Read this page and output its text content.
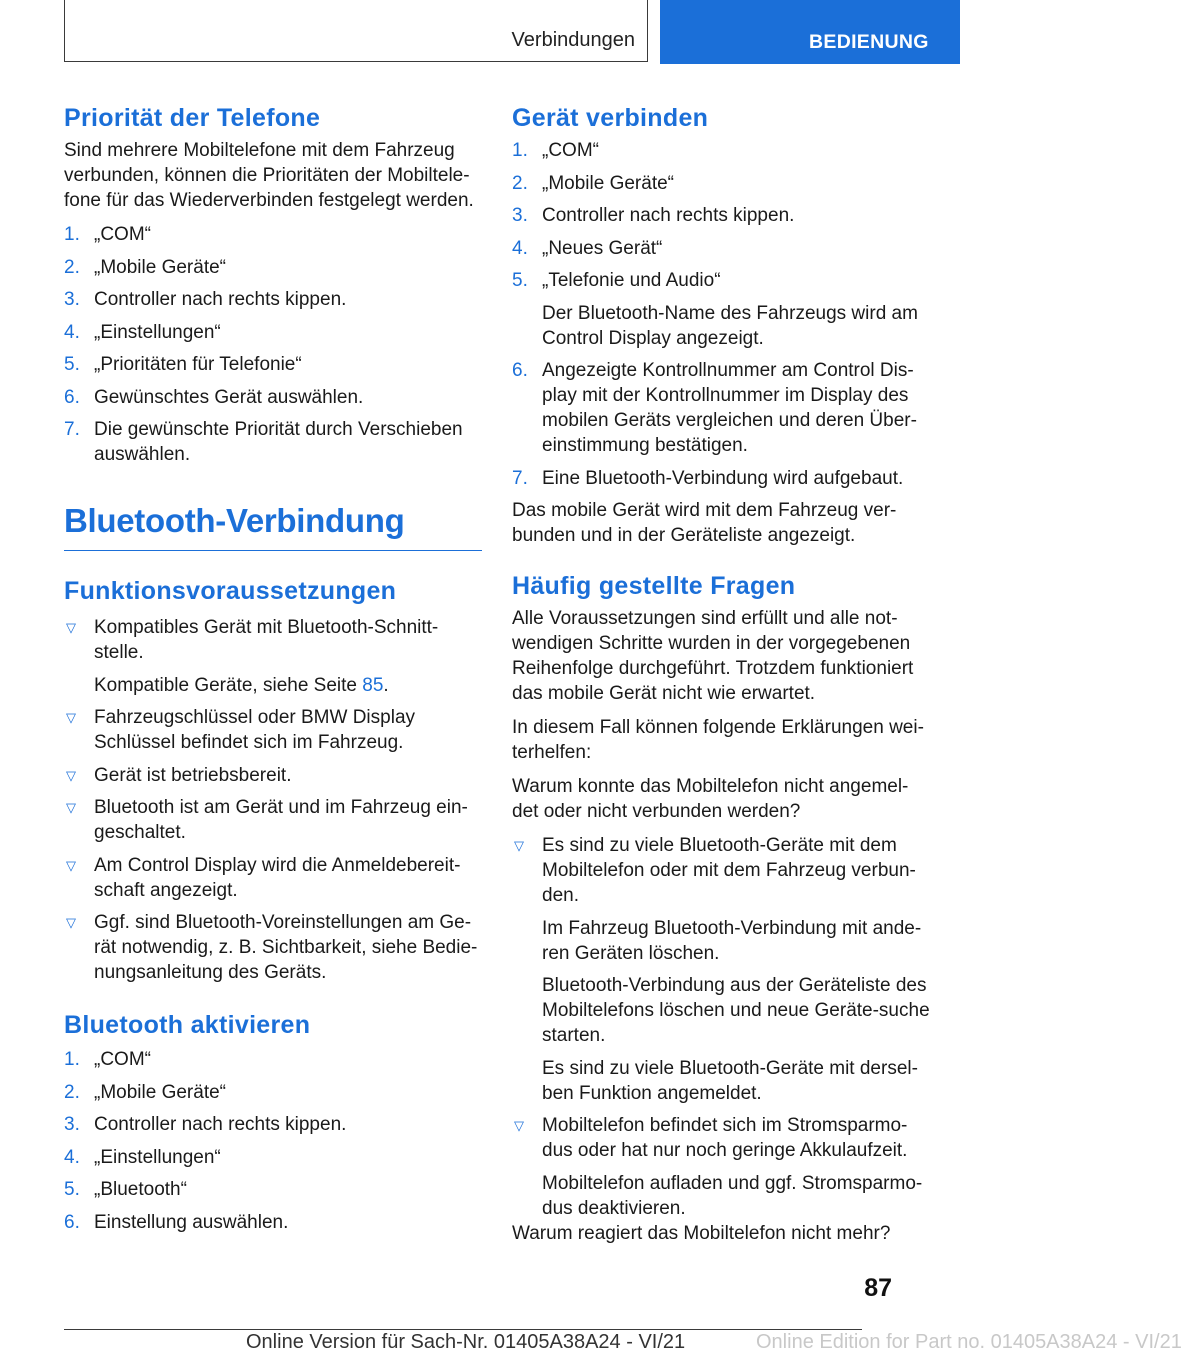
Verbindungen	BEDIENUNG
Priorität der Telefone

Sind mehrere Mobiltelefone mit dem Fahrzeug verbunden, können die Prioritäten der Mobiltele-fone für das Wiederverbinden festgelegt werden.

1. „COM“
2. „Mobile Geräte“
3. Controller nach rechts kippen.
4. „Einstellungen“
5. „Prioritäten für Telefonie“
6. Gewünschtes Gerät auswählen.
7. Die gewünschte Priorität durch Verschieben auswählen.
Bluetooth-Verbindung
Funktionsvoraussetzungen
▽ Kompatibles Gerät mit Bluetooth-Schnitt-stelle.
Kompatible Geräte, siehe Seite 85.
▽ Fahrzeugschlüssel oder BMW Display Schlüssel befindet sich im Fahrzeug.
▽ Gerät ist betriebsbereit.
▽ Bluetooth ist am Gerät und im Fahrzeug ein-geschaltet.
▽ Am Control Display wird die Anmeldebereit-schaft angezeigt.
▽ Ggf. sind Bluetooth-Voreinstellungen am Ge-rät notwendig, z. B. Sichtbarkeit, siehe Bedie-nungsanleitung des Geräts.
Bluetooth aktivieren
1. „COM“
2. „Mobile Geräte“
3. Controller nach rechts kippen.
4. „Einstellungen“
5. „Bluetooth“
6. Einstellung auswählen.
Gerät verbinden
1. „COM“
2. „Mobile Geräte“
3. Controller nach rechts kippen.
4. „Neues Gerät“
5. „Telefonie und Audio“
Der Bluetooth-Name des Fahrzeugs wird am Control Display angezeigt.
6. Angezeigte Kontrollnummer am Control Dis-play mit der Kontrollnummer im Display des mobilen Geräts vergleichen und deren Über-einstimmung bestätigen.
7. Eine Bluetooth-Verbindung wird aufgebaut.

Das mobile Gerät wird mit dem Fahrzeug ver-bunden und in der Geräteliste angezeigt.

Häufig gestellte Fragen

Alle Voraussetzungen sind erfüllt und alle not-wendigen Schritte wurden in der vorgegebenen Reihenfolge durchgeführt. Trotzdem funktioniert das mobile Gerät nicht wie erwartet.

In diesem Fall können folgende Erklärungen wei-terhelfen:

Warum konnte das Mobiltelefon nicht angemel-det oder nicht verbunden werden?

▽ Es sind zu viele Bluetooth-Geräte mit dem Mobiltelefon oder mit dem Fahrzeug verbun-den.
Im Fahrzeug Bluetooth-Verbindung mit ande-ren Geräten löschen.
Bluetooth-Verbindung aus der Geräteliste des Mobiltelefons löschen und neue Geräte-suche starten.
Es sind zu viele Bluetooth-Geräte mit dersel-ben Funktion angemeldet.
▽ Mobiltelefon befindet sich im Stromsparmo-dus oder hat nur noch geringe Akkulaufzeit.
Mobiltelefon aufladen und ggf. Stromsparmo-dus deaktivieren.

Warum reagiert das Mobiltelefon nicht mehr?

87
Online Version für Sach-Nr. 01405A38A24 - VI/21	Online Edition for Part no. 01405A38A24 - VI/21
